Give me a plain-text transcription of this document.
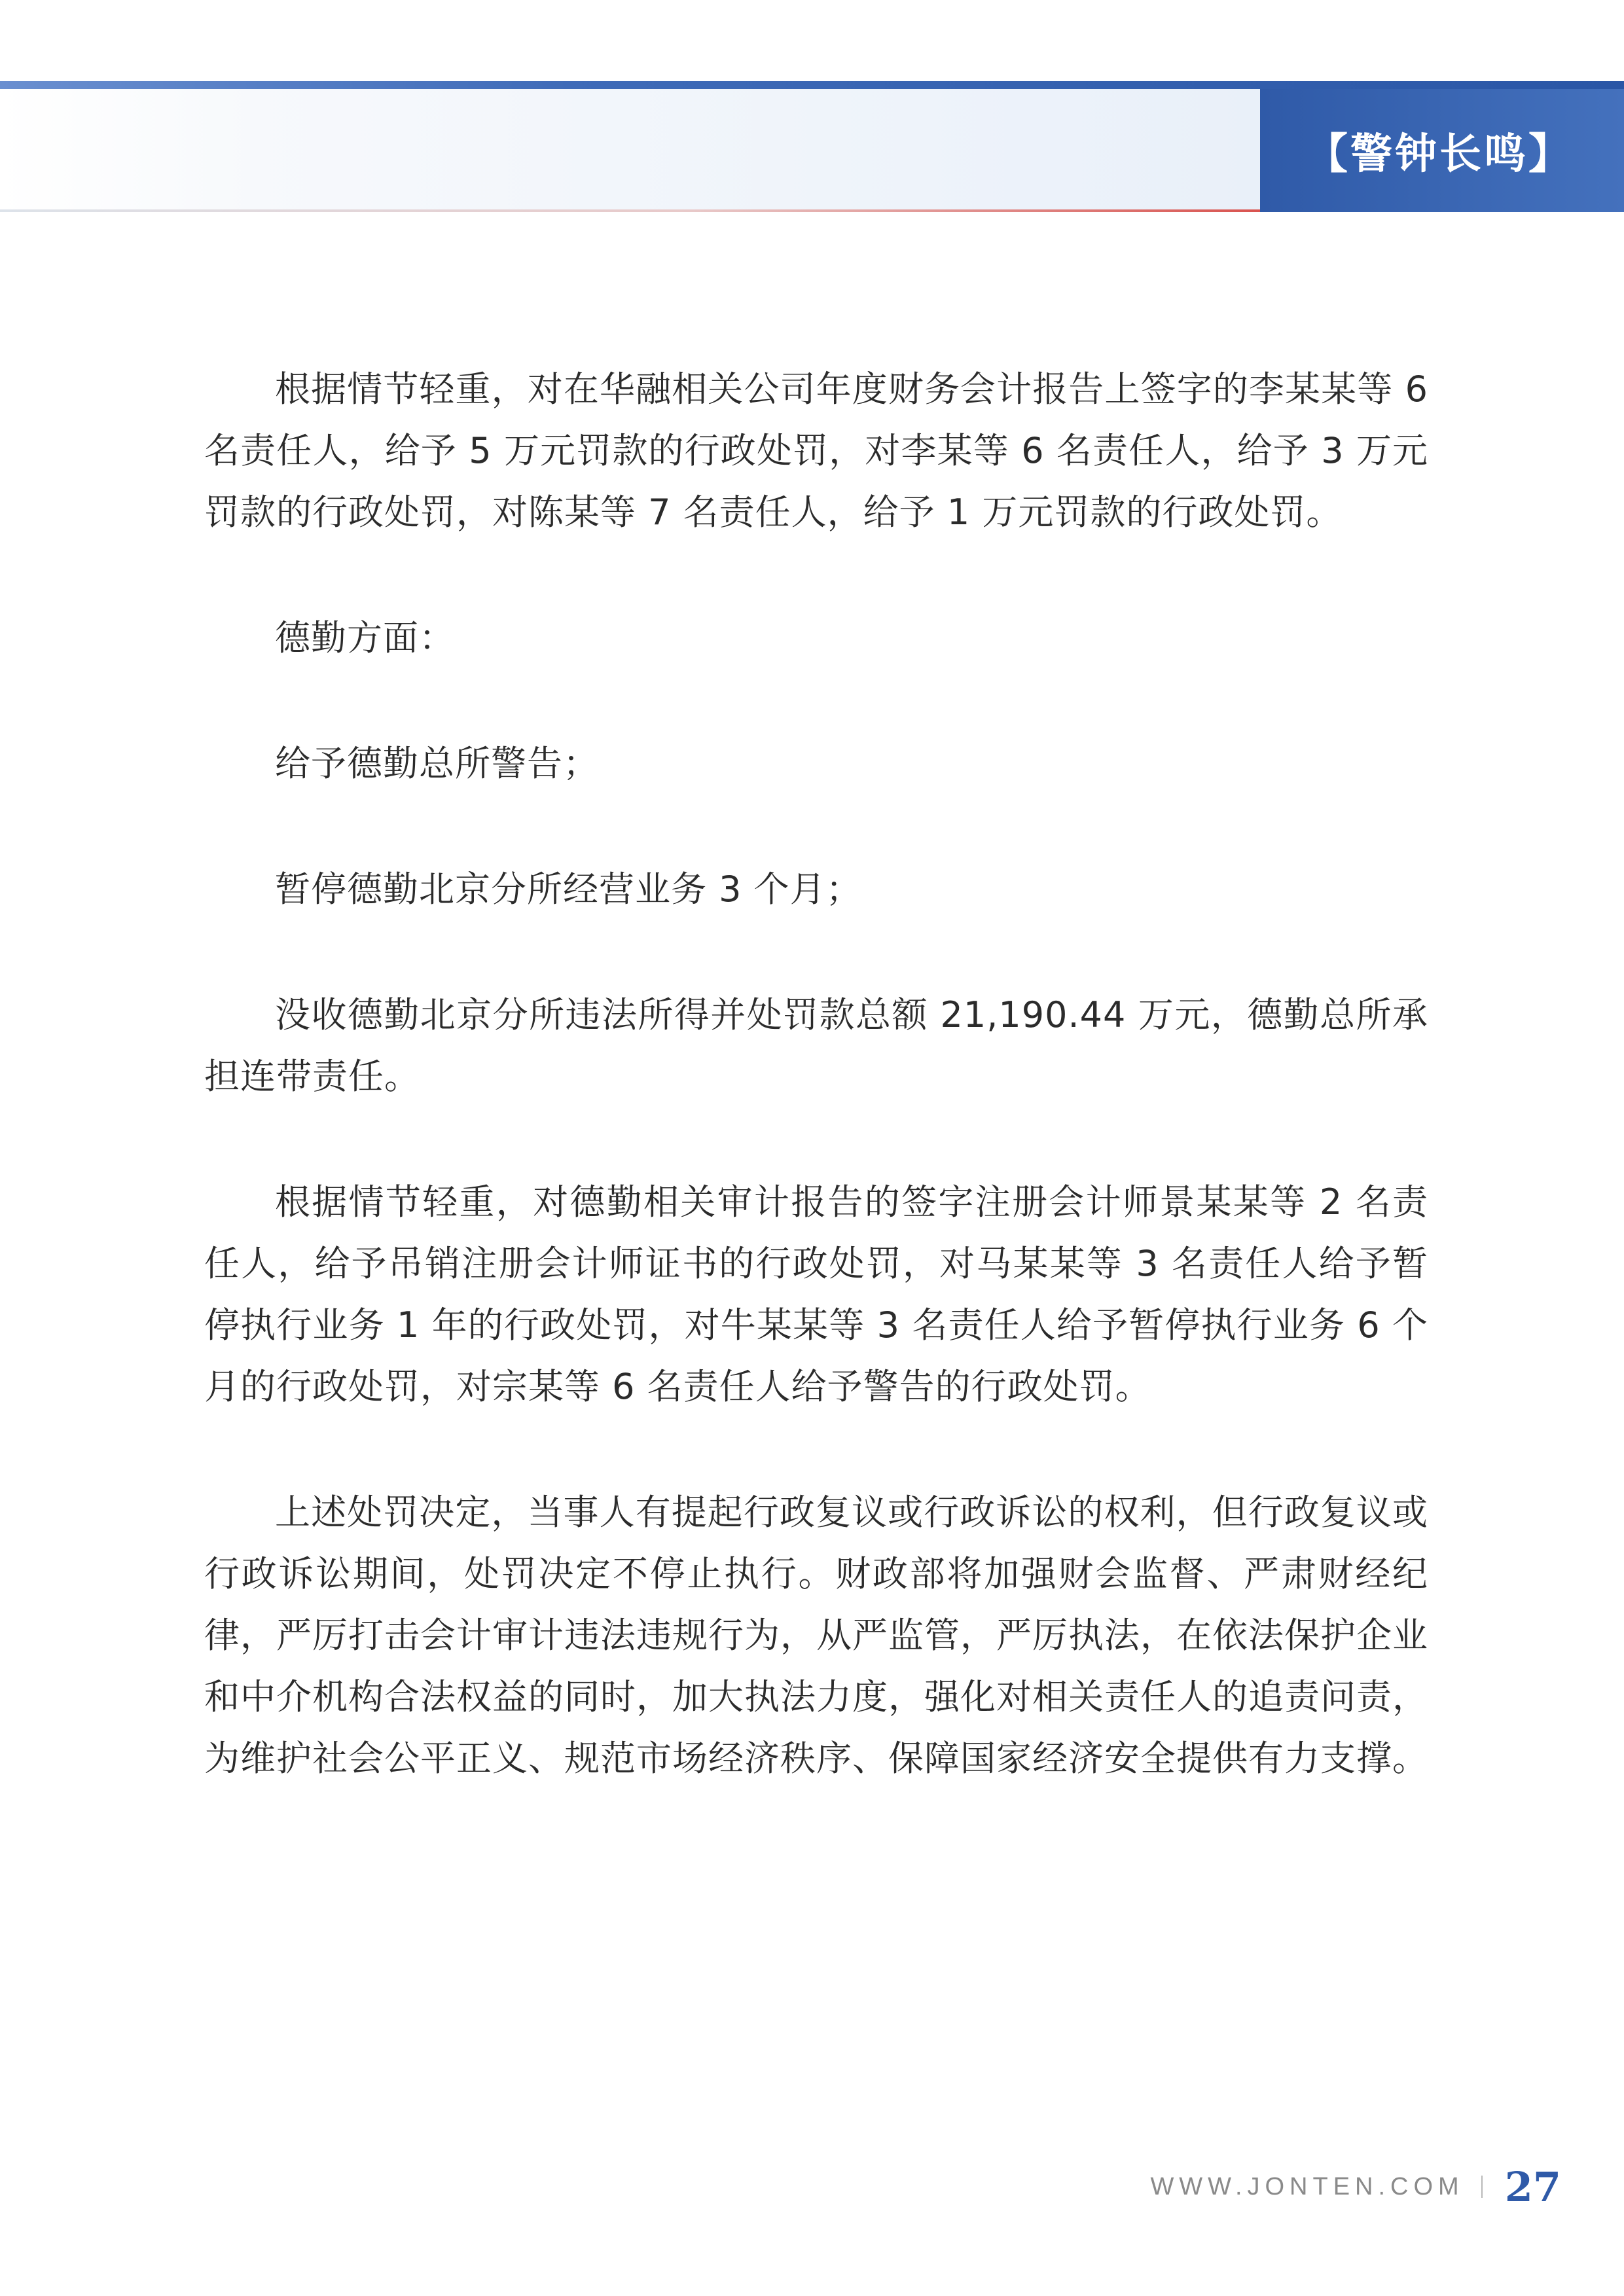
【警钟长鸣】

根据情节轻重，对在华融相关公司年度财务会计报告上签字的李某某等 6 名责任人，给予 5 万元罚款的行政处罚，对李某等 6 名责任人，给予 3 万元罚款的行政处罚，对陈某等 7 名责任人，给予 1 万元罚款的行政处罚。

德勤方面：

给予德勤总所警告；

暂停德勤北京分所经营业务 3 个月；

没收德勤北京分所违法所得并处罚款总额 21,190.44 万元，德勤总所承担连带责任。

根据情节轻重，对德勤相关审计报告的签字注册会计师景某某等 2 名责任人，给予吊销注册会计师证书的行政处罚，对马某某等 3 名责任人给予暂停执行业务 1 年的行政处罚，对牛某某等 3 名责任人给予暂停执行业务 6 个月的行政处罚，对宗某等 6 名责任人给予警告的行政处罚。

上述处罚决定，当事人有提起行政复议或行政诉讼的权利，但行政复议或行政诉讼期间，处罚决定不停止执行。财政部将加强财会监督、严肃财经纪律，严厉打击会计审计违法违规行为，从严监管，严厉执法，在依法保护企业和中介机构合法权益的同时，加大执法力度，强化对相关责任人的追责问责，为维护社会公平正义、规范市场经济秩序、保障国家经济安全提供有力支撑。

WWW.JONTEN.COM 27
